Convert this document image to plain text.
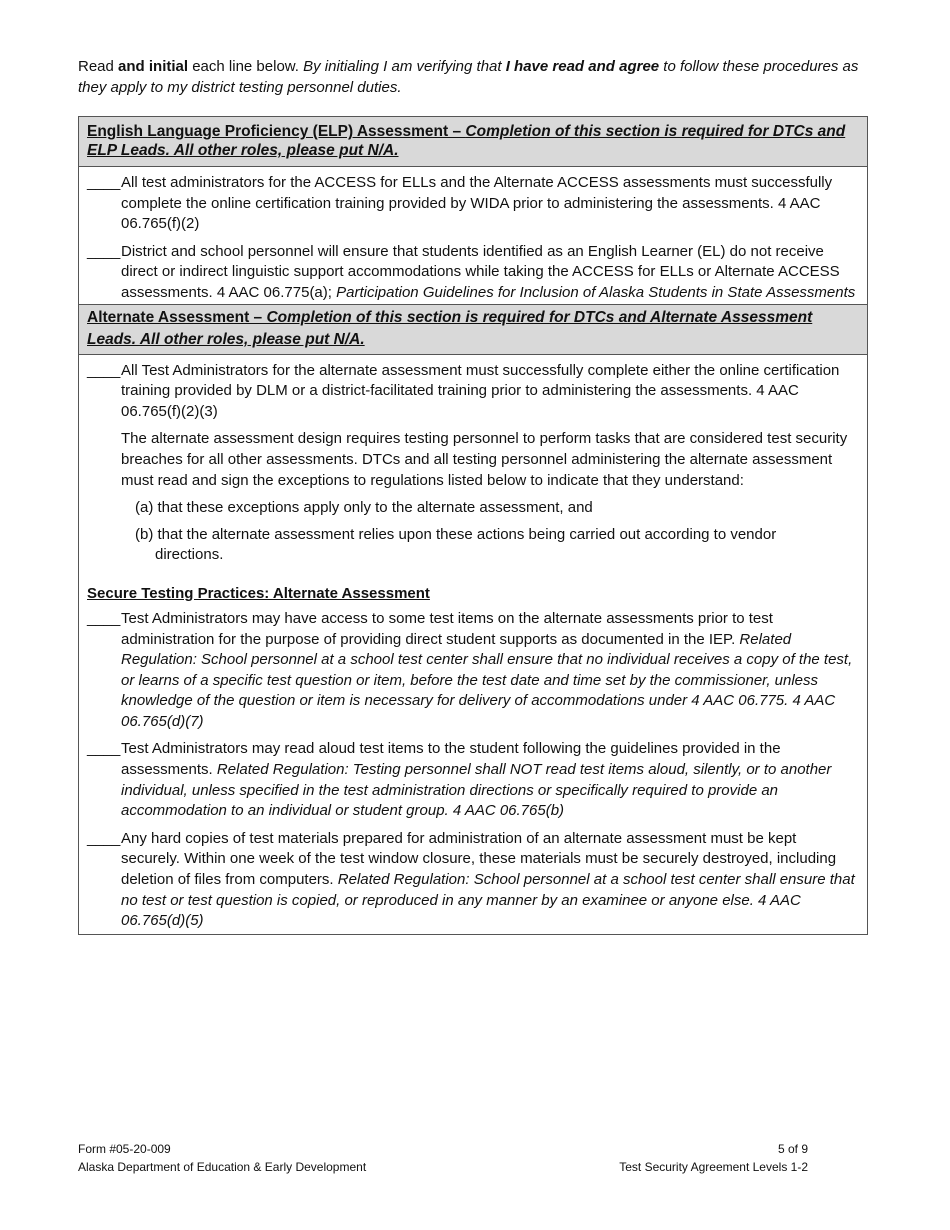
Read and initial each line below. By initialing I am verifying that I have read and agree to follow these procedures as they apply to my district testing personnel duties.
English Language Proficiency (ELP) Assessment – Completion of this section is required for DTCs and ELP Leads. All other roles, please put N/A.
____ All test administrators for the ACCESS for ELLs and the Alternate ACCESS assessments must successfully complete the online certification training provided by WIDA prior to administering the assessments. 4 AAC 06.765(f)(2)
____ District and school personnel will ensure that students identified as an English Learner (EL) do not receive direct or indirect linguistic support accommodations while taking the ACCESS for ELLs or Alternate ACCESS assessments. 4 AAC 06.775(a); Participation Guidelines for Inclusion of Alaska Students in State Assessments
Alternate Assessment – Completion of this section is required for DTCs and Alternate Assessment Leads. All other roles, please put N/A.
____ All Test Administrators for the alternate assessment must successfully complete either the online certification training provided by DLM or a district-facilitated training prior to administering the assessments. 4 AAC 06.765(f)(2)(3)
The alternate assessment design requires testing personnel to perform tasks that are considered test security breaches for all other assessments. DTCs and all testing personnel administering the alternate assessment must read and sign the exceptions to regulations listed below to indicate that they understand:
(a) that these exceptions apply only to the alternate assessment, and
(b) that the alternate assessment relies upon these actions being carried out according to vendor
directions.
Secure Testing Practices: Alternate Assessment
____ Test Administrators may have access to some test items on the alternate assessments prior to test administration for the purpose of providing direct student supports as documented in the IEP. Related Regulation: School personnel at a school test center shall ensure that no individual receives a copy of the test, or learns of a specific test question or item, before the test date and time set by the commissioner, unless knowledge of the question or item is necessary for delivery of accommodations under 4 AAC 06.775. 4 AAC 06.765(d)(7)
____ Test Administrators may read aloud test items to the student following the guidelines provided in the assessments. Related Regulation: Testing personnel shall NOT read test items aloud, silently, or to another individual, unless specified in the test administration directions or specifically required to provide an accommodation to an individual or student group. 4 AAC 06.765(b)
____ Any hard copies of test materials prepared for administration of an alternate assessment must be kept securely. Within one week of the test window closure, these materials must be securely destroyed, including deletion of files from computers. Related Regulation: School personnel at a school test center shall ensure that no test or test question is copied, or reproduced in any manner by an examinee or anyone else. 4 AAC 06.765(d)(5)
Form #05-20-009
Alaska Department of Education & Early Development
5 of 9
Test Security Agreement Levels 1-2
